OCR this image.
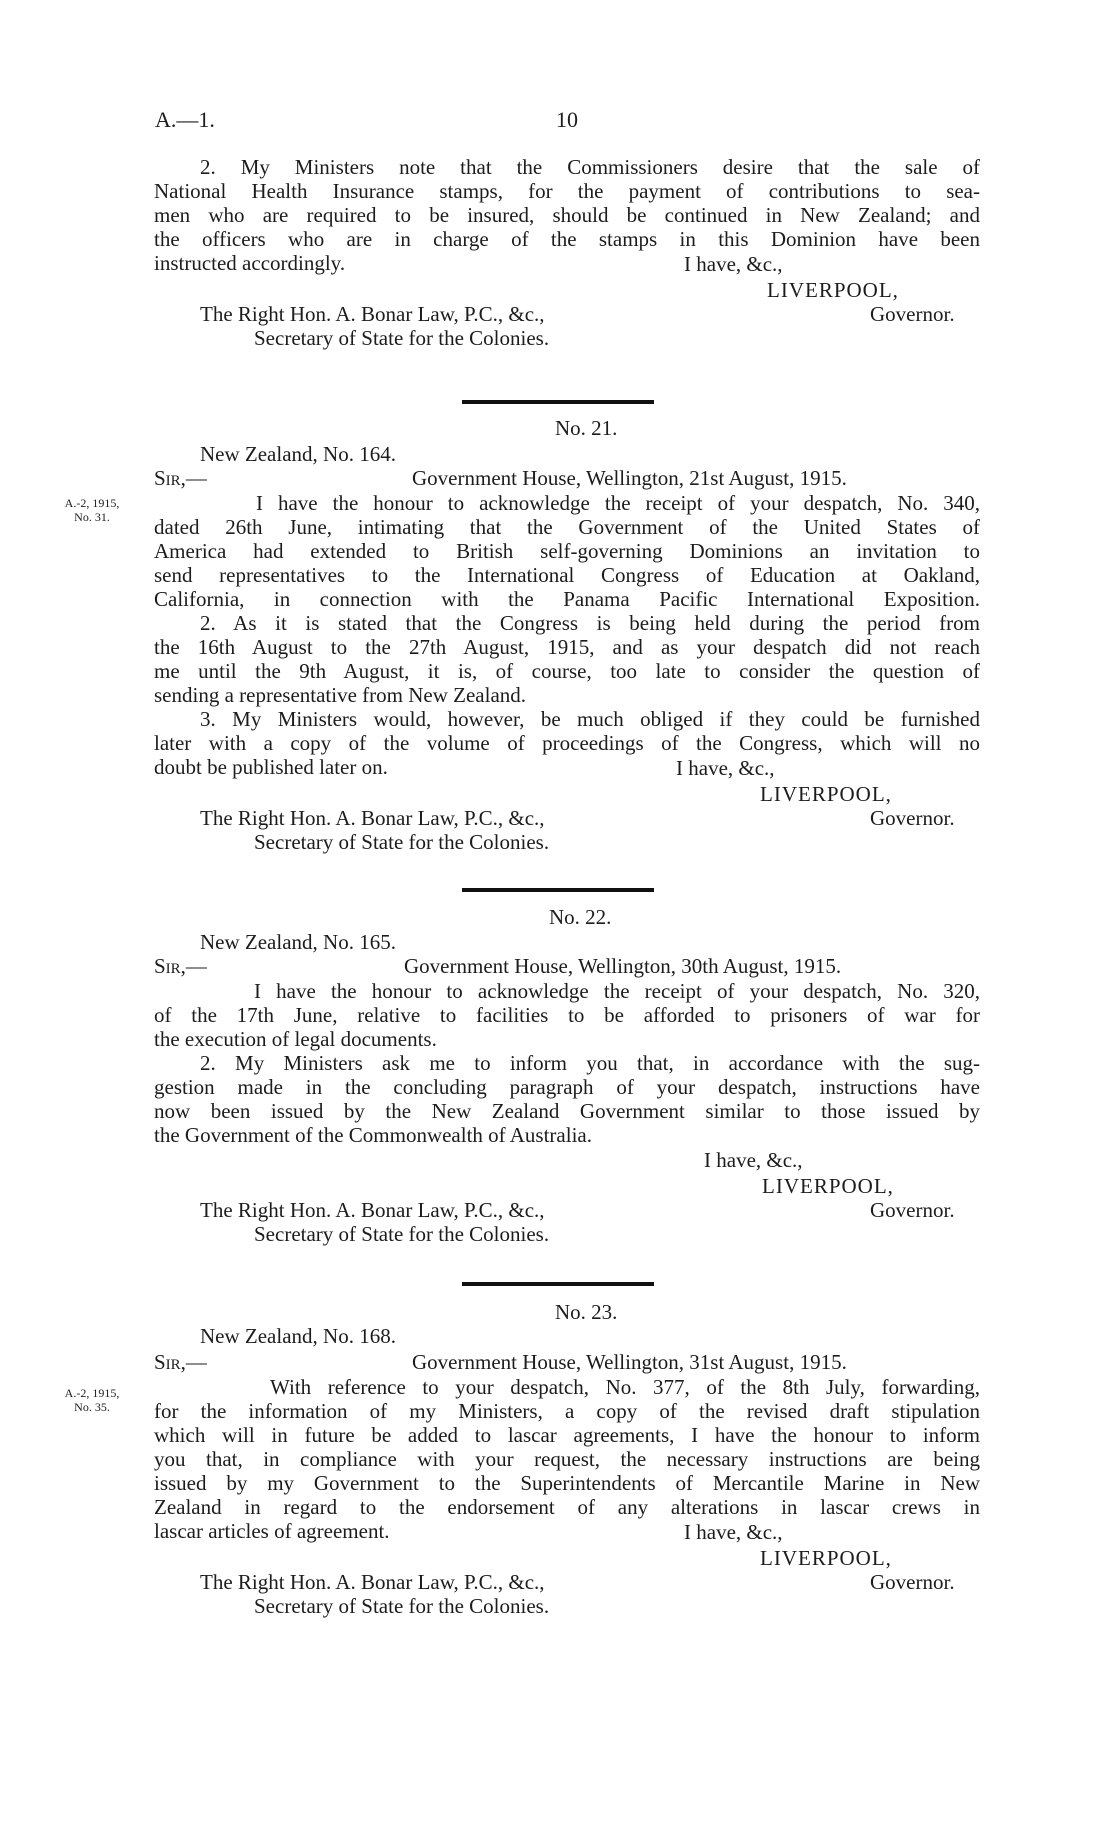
A.—1.	10
2. My Ministers note that the Commissioners desire that the sale of
National Health Insurance stamps, for the payment of contributions to sea-
men who are required to be insured, should be continued in New Zealand; and
the officers who are in charge of the stamps in this Dominion have been
instructed accordingly.	I have, &c.,
LIVERPOOL,
The Right Hon. A. Bonar Law, P.C., &c.,	Governor.
Secretary of State for the Colonies.
No. 21.
New Zealand, No. 164.
Sir,—	Government House, Wellington, 21st August, 1915.
A.-2, 1915,
No. 31.
I have the honour to acknowledge the receipt of your despatch, No. 340,
dated 26th June, intimating that the Government of the United States of
America had extended to British self-governing Dominions an invitation to
send representatives to the International Congress of Education at Oakland,
California, in connection with the Panama Pacific International Exposition.
2. As it is stated that the Congress is being held during the period from
the 16th August to the 27th August, 1915, and as your despatch did not reach
me until the 9th August, it is, of course, too late to consider the question of
sending a representative from New Zealand.
3. My Ministers would, however, be much obliged if they could be furnished
later with a copy of the volume of proceedings of the Congress, which will no
doubt be published later on.	I have, &c.,
LIVERPOOL,
The Right Hon. A. Bonar Law, P.C., &c.,	Governor.
Secretary of State for the Colonies.
No. 22.
New Zealand, No. 165.
Sir,—	Government House, Wellington, 30th August, 1915.
I have the honour to acknowledge the receipt of your despatch, No. 320,
of the 17th June, relative to facilities to be afforded to prisoners of war for
the execution of legal documents.
2. My Ministers ask me to inform you that, in accordance with the sug-
gestion made in the concluding paragraph of your despatch, instructions have
now been issued by the New Zealand Government similar to those issued by
the Government of the Commonwealth of Australia.
I have, &c.,
LIVERPOOL,
The Right Hon. A. Bonar Law, P.C., &c.,	Governor.
Secretary of State for the Colonies.
No. 23.
New Zealand, No. 168.
Sir,—	Government House, Wellington, 31st August, 1915.
A.-2, 1915,
No. 35.
With reference to your despatch, No. 377, of the 8th July, forwarding,
for the information of my Ministers, a copy of the revised draft stipulation
which will in future be added to lascar agreements, I have the honour to inform
you that, in compliance with your request, the necessary instructions are being
issued by my Government to the Superintendents of Mercantile Marine in New
Zealand in regard to the endorsement of any alterations in lascar crews in
lascar articles of agreement.	I have, &c.,
LIVERPOOL,
The Right Hon. A. Bonar Law, P.C., &c.,	Governor.
Secretary of State for the Colonies.
